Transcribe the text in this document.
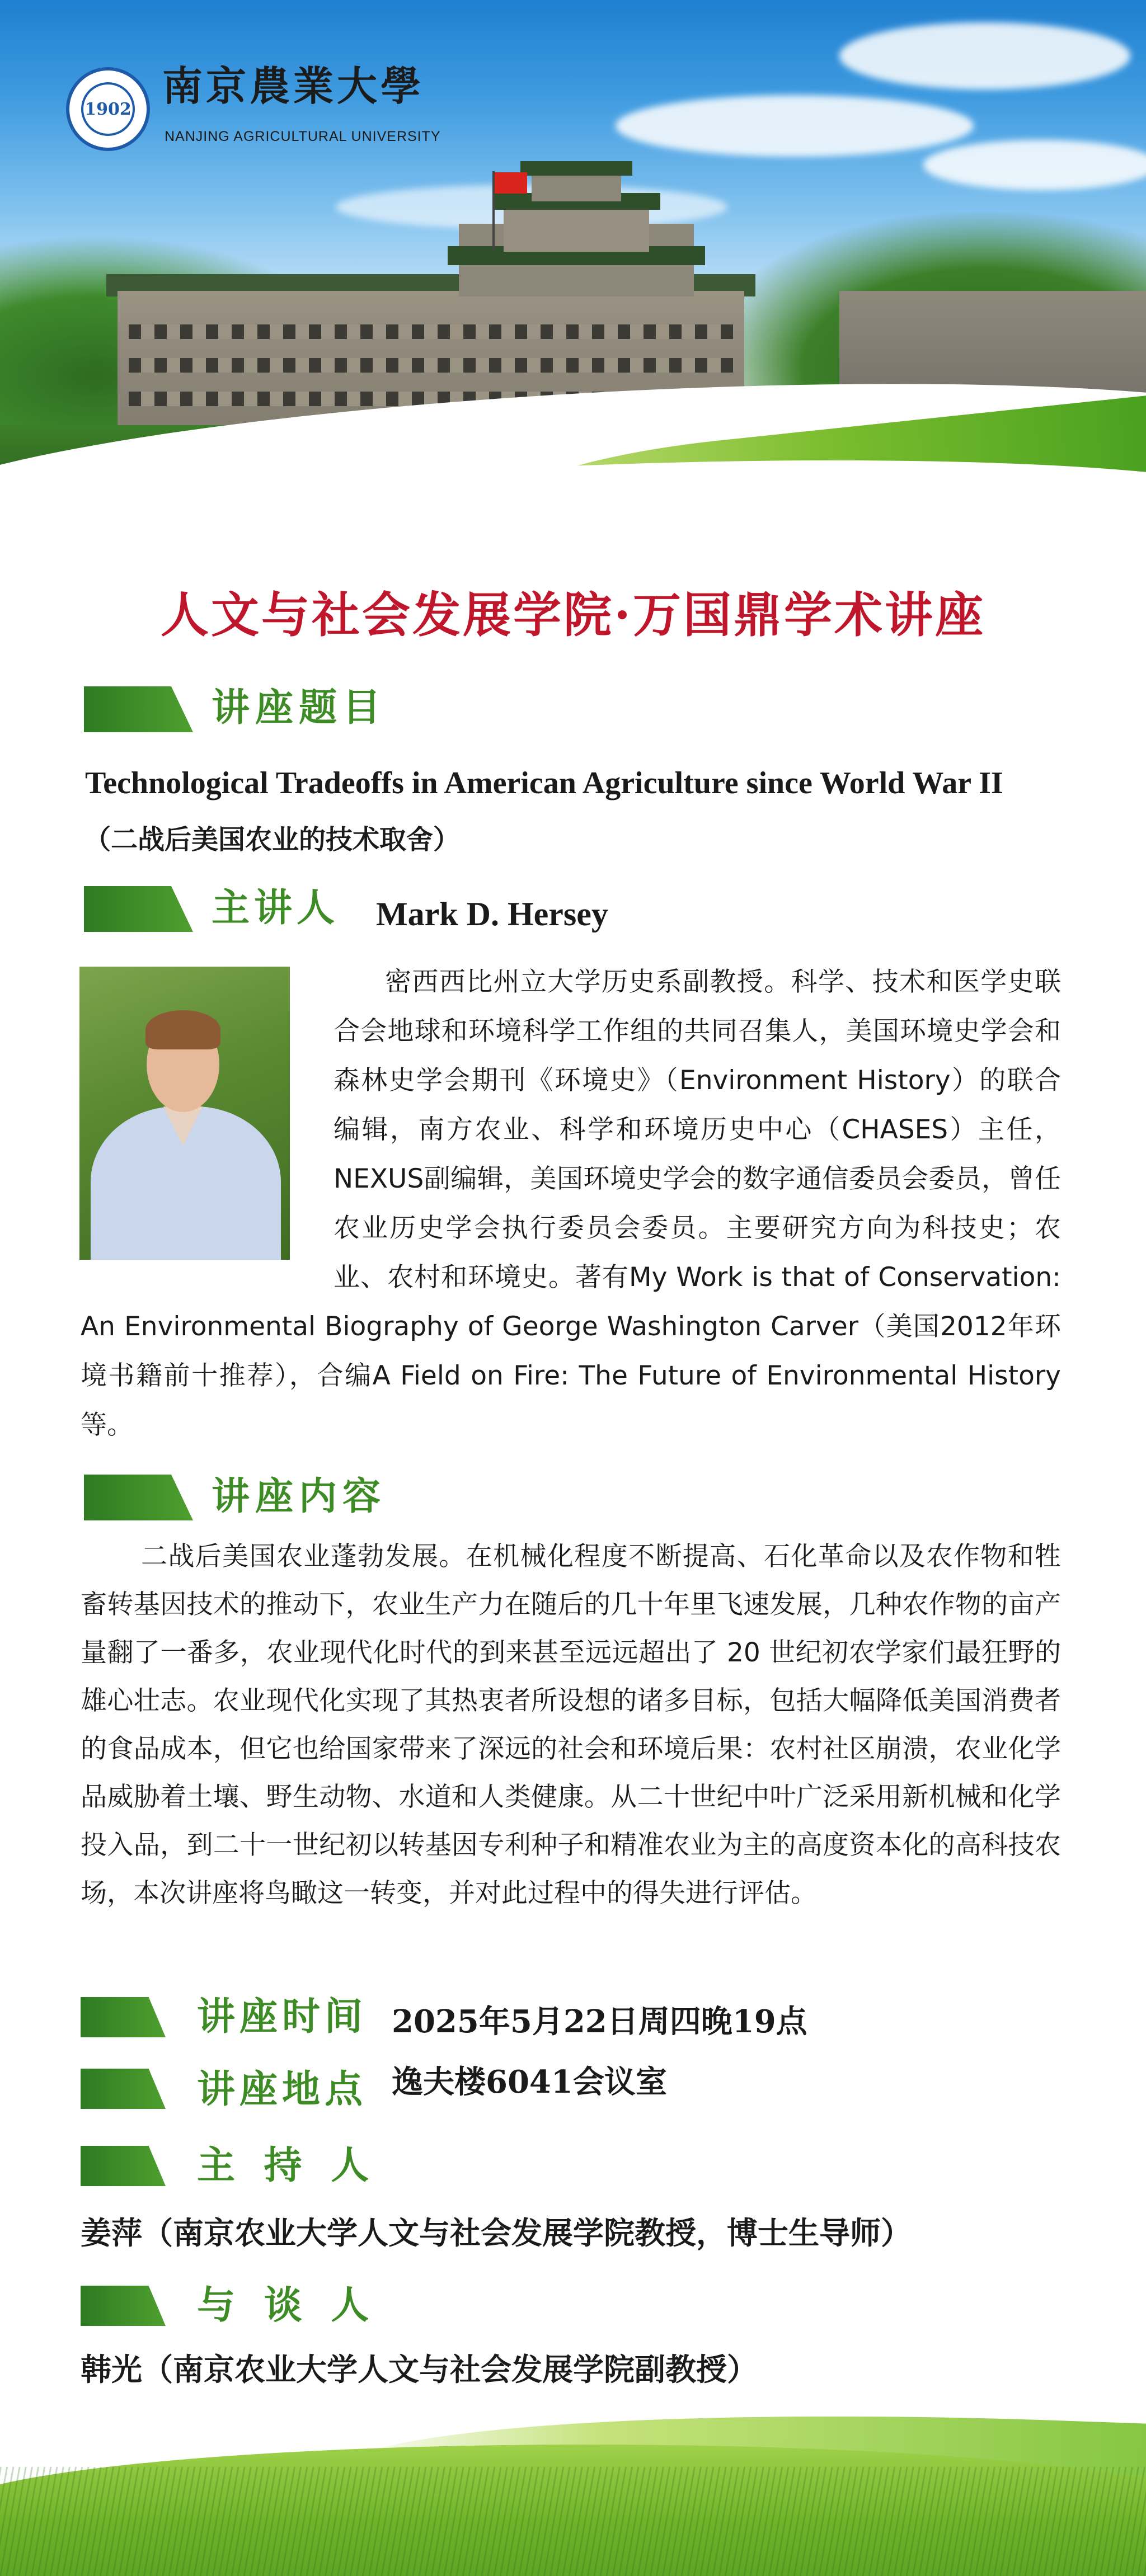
1902 南京農業大學
NANJING AGRICULTURAL UNIVERSITY
人文与社会发展学院·万国鼎学术讲座
讲座题目
Technological Tradeoffs in American Agriculture since World War II
（二战后美国农业的技术取舍）
主讲人 Mark D. Hersey
密西西比州立大学历史系副教授。科学、技术和医学史联合会地球和环境科学工作组的共同召集人，美国环境史学会和森林史学会期刊《环境史》（Environment History）的联合编辑，南方农业、科学和环境历史中心（CHASES）主任，NEXUS副编辑，美国环境史学会的数字通信委员会委员，曾任农业历史学会执行委员会委员。主要研究方向为科技史；农业、农村和环境史。著有My Work is that of Conservation: An Environmental Biography of George Washington Carver（美国2012年环境书籍前十推荐），合编A Field on Fire: The Future of Environmental History等。
讲座内容
二战后美国农业蓬勃发展。在机械化程度不断提高、石化革命以及农作物和牲畜转基因技术的推动下，农业生产力在随后的几十年里飞速发展，几种农作物的亩产量翻了一番多，农业现代化时代的到来甚至远远超出了 20 世纪初农学家们最狂野的雄心壮志。农业现代化实现了其热衷者所设想的诸多目标，包括大幅降低美国消费者的食品成本，但它也给国家带来了深远的社会和环境后果：农村社区崩溃，农业化学品威胁着土壤、野生动物、水道和人类健康。从二十世纪中叶广泛采用新机械和化学投入品，到二十一世纪初以转基因专利种子和精准农业为主的高度资本化的高科技农场，本次讲座将鸟瞰这一转变，并对此过程中的得失进行评估。
讲座时间 2025年5月22日周四晚19点
讲座地点 逸夫楼6041会议室
主 持 人
姜萍（南京农业大学人文与社会发展学院教授，博士生导师）
与 谈 人
韩光（南京农业大学人文与社会发展学院副教授）
